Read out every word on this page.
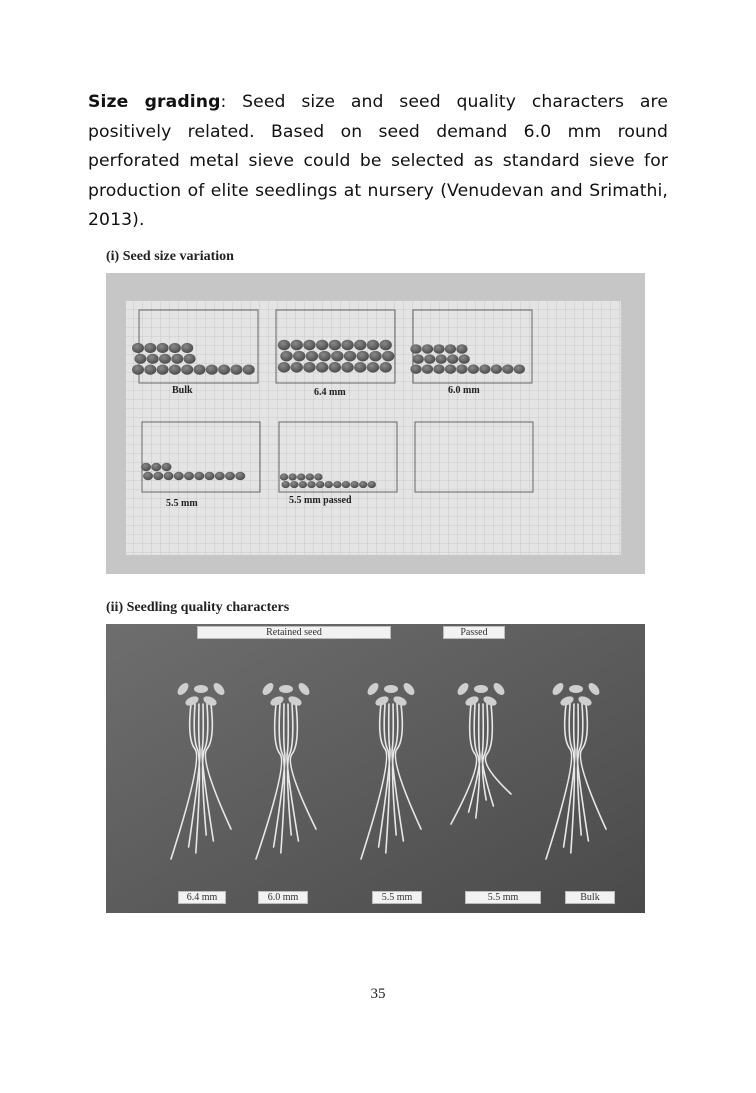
Size grading: Seed size and seed quality characters are positively related. Based on seed demand 6.0 mm round perforated metal sieve could be selected as standard sieve for production of elite seedlings at nursery (Venudevan and Srimathi, 2013).
(i) Seed size variation
Bulk	6.4 mm	6.0 mm
5.5 mm	5.5 mm passed
(ii) Seedling quality characters
Retained seed	Passed
6.4 mm	6.0 mm	5.5 mm	5.5 mm	Bulk
35
